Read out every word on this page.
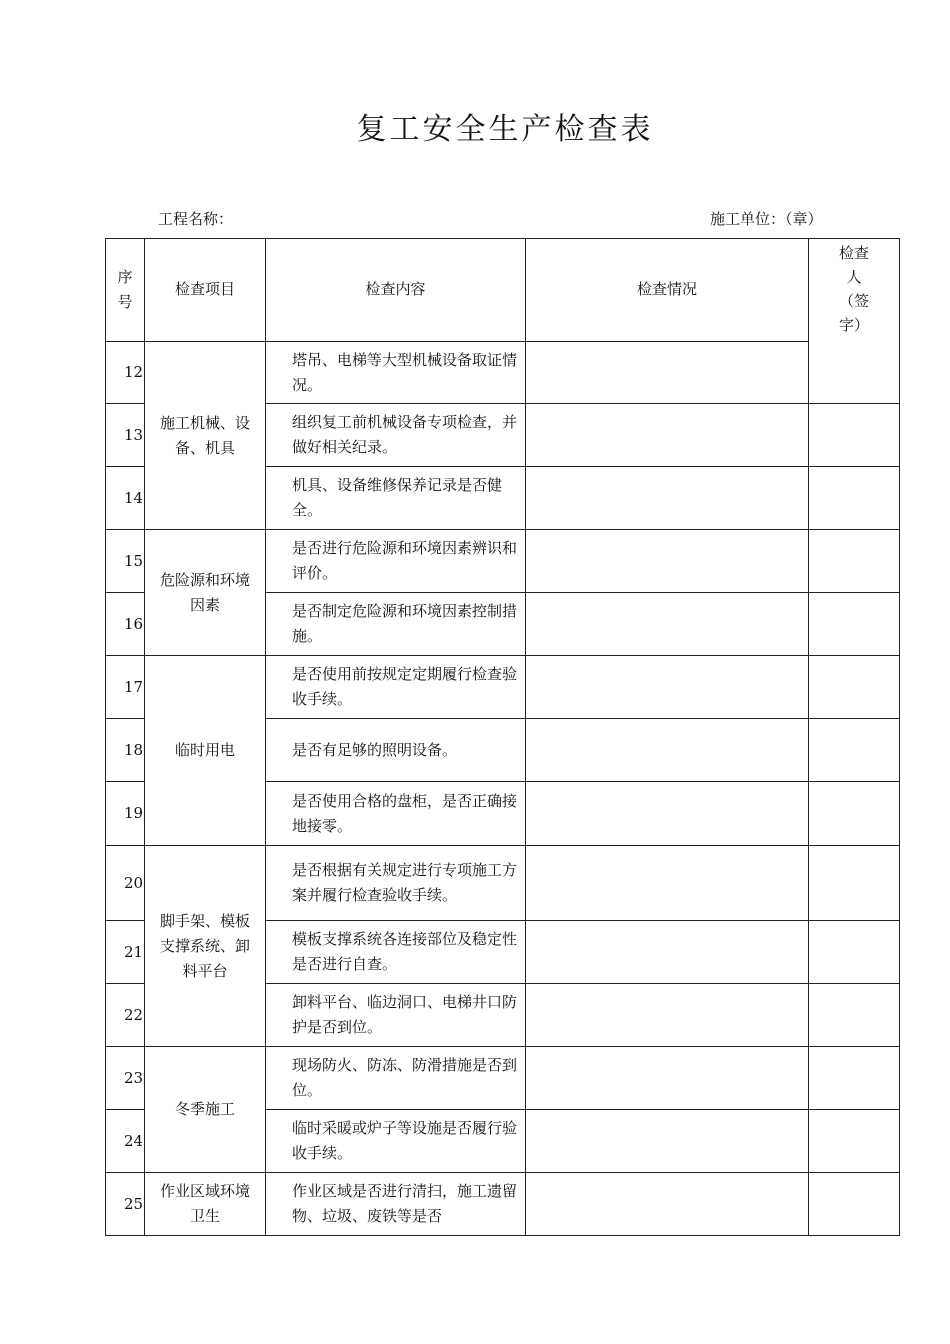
复工安全生产检查表
工程名称：	施工单位：（章）
序号	检查项目	检查内容	检查情况	检查人（签字）
12	施工机械、设备、机具	塔吊、电梯等大型机械设备取证情况。		
13		组织复工前机械设备专项检查，并做好相关纪录。		
14		机具、设备维修保养记录是否健全。		
15	危险源和环境因素	是否进行危险源和环境因素辨识和评价。		
16		是否制定危险源和环境因素控制措施。		
17	临时用电	是否使用前按规定定期履行检查验收手续。		
18		是否有足够的照明设备。		
19		是否使用合格的盘柜，是否正确接地接零。		
20	脚手架、模板支撑系统、卸料平台	是否根据有关规定进行专项施工方案并履行检查验收手续。		
21		模板支撑系统各连接部位及稳定性是否进行自查。		
22		卸料平台、临边洞口、电梯井口防护是否到位。		
23	冬季施工	现场防火、防冻、防滑措施是否到位。		
24		临时采暖或炉子等设施是否履行验收手续。		
25	作业区域环境卫生	作业区域是否进行清扫，施工遗留物、垃圾、废铁等是否		
